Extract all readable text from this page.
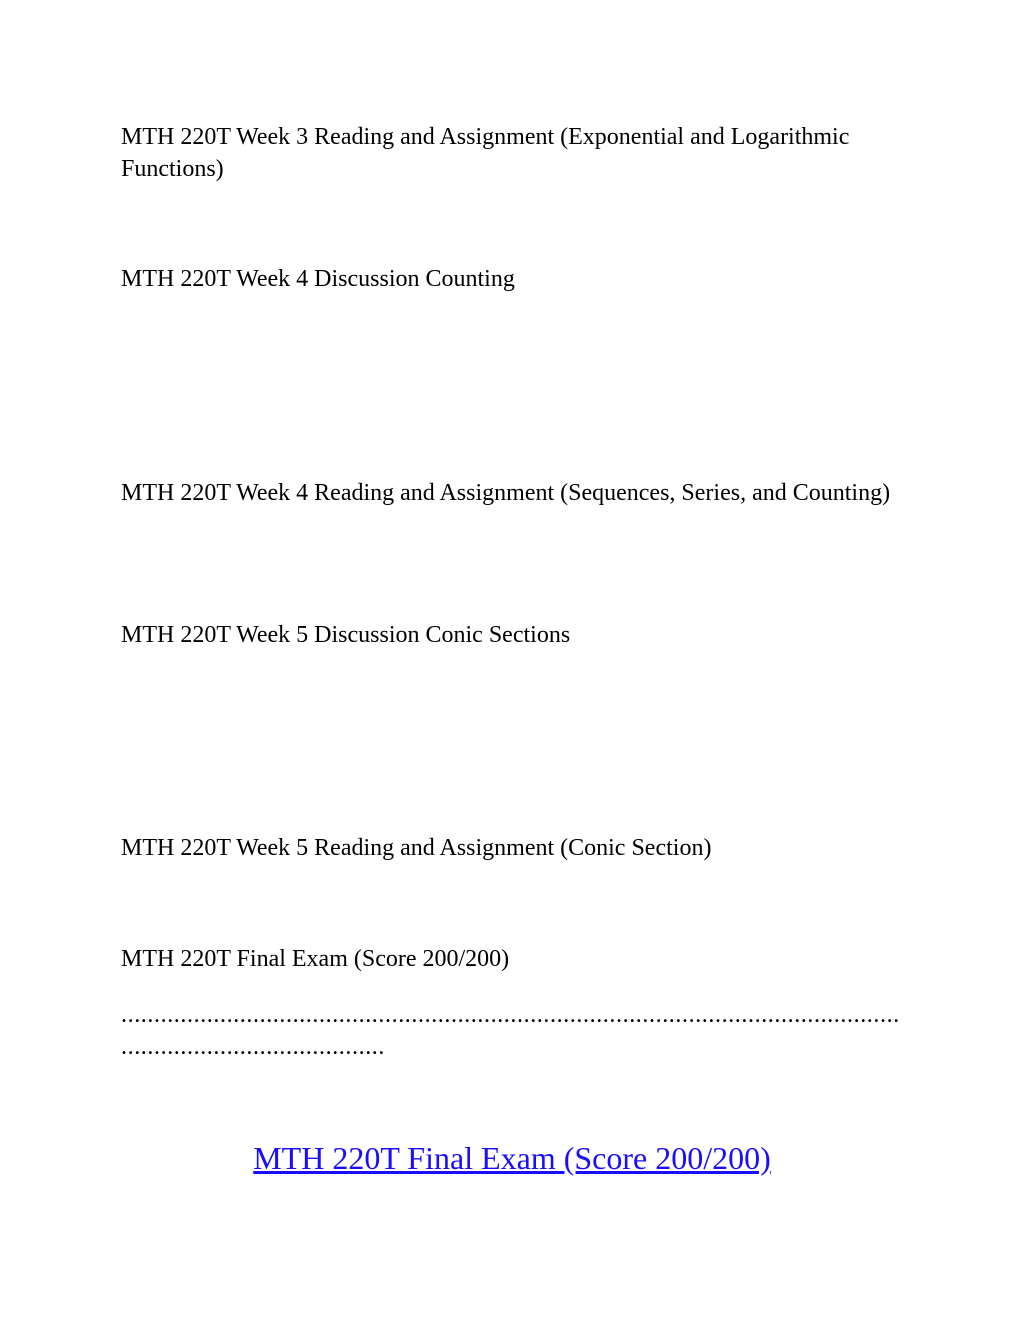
MTH 220T Week 3 Reading and Assignment (Exponential and Logarithmic Functions)

MTH 220T Week 4 Discussion Counting

MTH 220T Week 4 Reading and Assignment (Sequences, Series, and Counting)

MTH 220T Week 5 Discussion Conic Sections

MTH 220T Week 5 Reading and Assignment (Conic Section)

MTH 220T Final Exam (Score 200/200)

......................................................................................................................
........................................
MTH 220T Final Exam (Score 200/200)
